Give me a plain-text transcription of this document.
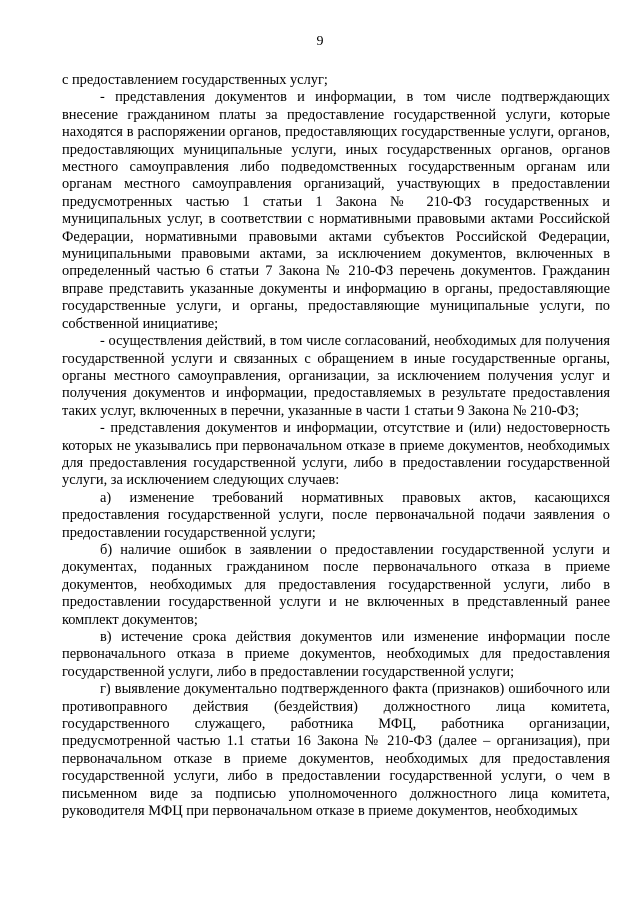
9

с предоставлением государственных услуг;

- представления документов и информации, в том числе подтверждающих внесение гражданином платы за предоставление государственной услуги, которые находятся в распоряжении органов, предоставляющих государственные услуги, органов, предоставляющих муниципальные услуги, иных государственных органов, органов местного самоуправления либо подведомственных государственным органам или органам местного самоуправления организаций, участвующих в предоставлении предусмотренных частью 1 статьи 1 Закона № 210-ФЗ государственных и муниципальных услуг, в соответствии с нормативными правовыми актами Российской Федерации, нормативными правовыми актами субъектов Российской Федерации, муниципальными правовыми актами, за исключением документов, включенных в определенный частью 6 статьи 7 Закона № 210-ФЗ перечень документов. Гражданин вправе представить указанные документы и информацию в органы, предоставляющие государственные услуги, и органы, предоставляющие муниципальные услуги, по собственной инициативе;

- осуществления действий, в том числе согласований, необходимых для получения государственной услуги и связанных с обращением в иные государственные органы, органы местного самоуправления, организации, за исключением получения услуг и получения документов и информации, предоставляемых в результате предоставления таких услуг, включенных в перечни, указанные в части 1 статьи 9 Закона № 210-ФЗ;

- представления документов и информации, отсутствие и (или) недостоверность которых не указывались при первоначальном отказе в приеме документов, необходимых для предоставления государственной услуги, либо в предоставлении государственной услуги, за исключением следующих случаев:

а) изменение требований нормативных правовых актов, касающихся предоставления государственной услуги, после первоначальной подачи заявления о предоставлении государственной услуги;

б) наличие ошибок в заявлении о предоставлении государственной услуги и документах, поданных гражданином после первоначального отказа в приеме документов, необходимых для предоставления государственной услуги, либо в предоставлении государственной услуги и не включенных в представленный ранее комплект документов;

в) истечение срока действия документов или изменение информации после первоначального отказа в приеме документов, необходимых для предоставления государственной услуги, либо в предоставлении государственной услуги;

г) выявление документально подтвержденного факта (признаков) ошибочного или противоправного действия (бездействия) должностного лица комитета, государственного служащего, работника МФЦ, работника организации, предусмотренной частью 1.1 статьи 16 Закона № 210-ФЗ (далее – организация), при первоначальном отказе в приеме документов, необходимых для предоставления государственной услуги, либо в предоставлении государственной услуги, о чем в письменном виде за подписью уполномоченного должностного лица комитета, руководителя МФЦ при первоначальном отказе в приеме документов, необходимых
